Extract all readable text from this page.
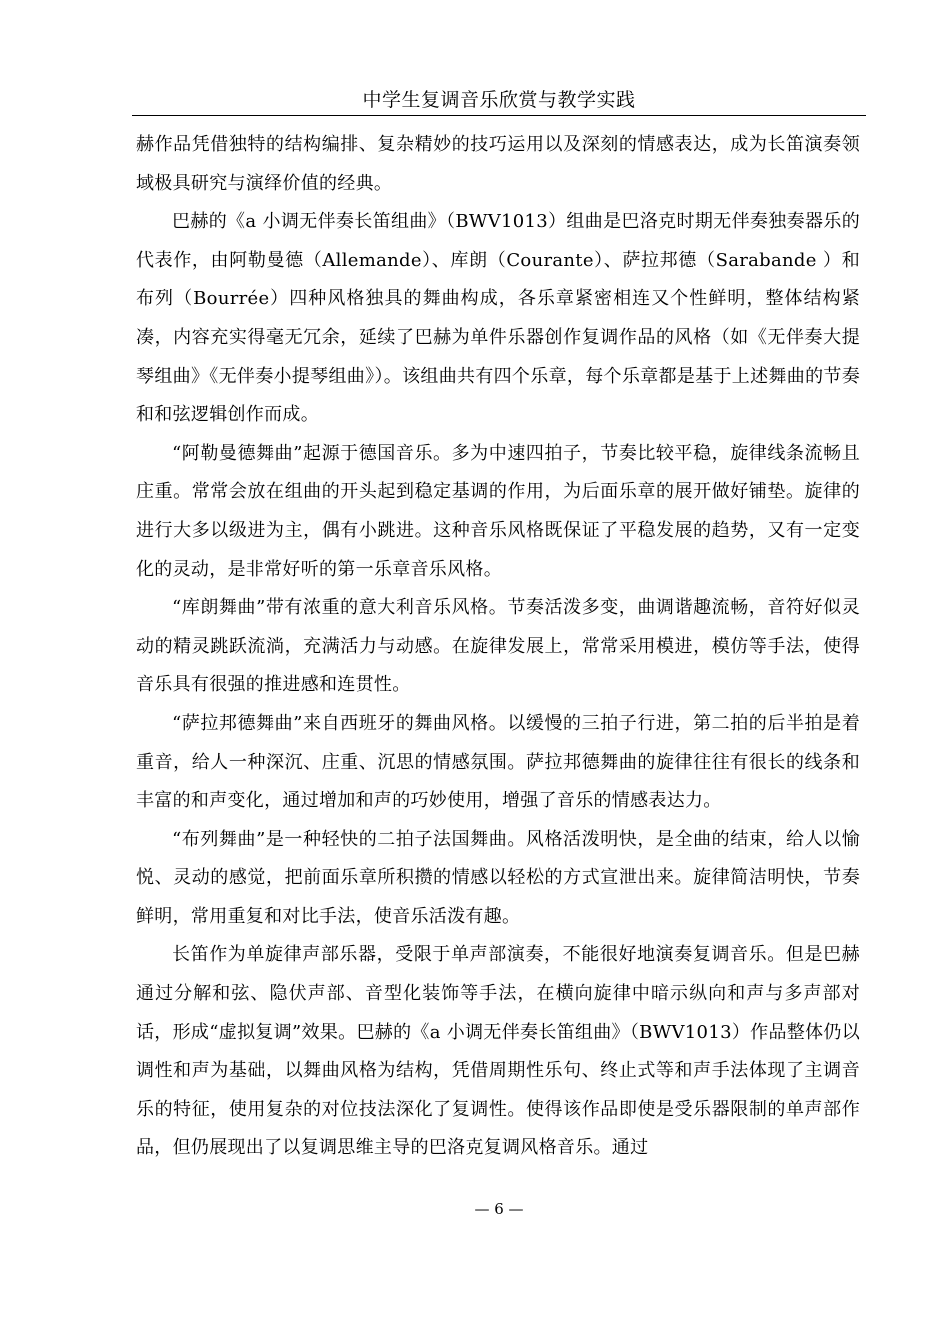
中学生复调音乐欣赏与教学实践

赫作品凭借独特的结构编排、复杂精妙的技巧运用以及深刻的情感表达，成为长笛演奏领域极具研究与演绎价值的经典。

巴赫的《a 小调无伴奏长笛组曲》（BWV1013）组曲是巴洛克时期无伴奏独奏器乐的代表作，由阿勒曼德（Allemande）、库朗（Courante）、萨拉邦德（Sarabande ）和布列（Bourrée）四种风格独具的舞曲构成，各乐章紧密相连又个性鲜明，整体结构紧凑，内容充实得毫无冗余，延续了巴赫为单件乐器创作复调作品的风格（如《无伴奏大提琴组曲》《无伴奏小提琴组曲》）。该组曲共有四个乐章，每个乐章都是基于上述舞曲的节奏和和弦逻辑创作而成。

“阿勒曼德舞曲”起源于德国音乐。多为中速四拍子，节奏比较平稳，旋律线条流畅且庄重。常常会放在组曲的开头起到稳定基调的作用，为后面乐章的展开做好铺垫。旋律的进行大多以级进为主，偶有小跳进。这种音乐风格既保证了平稳发展的趋势，又有一定变化的灵动，是非常好听的第一乐章音乐风格。

“库朗舞曲”带有浓重的意大利音乐风格。节奏活泼多变，曲调谐趣流畅，音符好似灵动的精灵跳跃流淌，充满活力与动感。在旋律发展上，常常采用模进，模仿等手法，使得音乐具有很强的推进感和连贯性。

“萨拉邦德舞曲”来自西班牙的舞曲风格。以缓慢的三拍子行进，第二拍的后半拍是着重音，给人一种深沉、庄重、沉思的情感氛围。萨拉邦德舞曲的旋律往往有很长的线条和丰富的和声变化，通过增加和声的巧妙使用，增强了音乐的情感表达力。

“布列舞曲”是一种轻快的二拍子法国舞曲。风格活泼明快，是全曲的结束，给人以愉悦、灵动的感觉，把前面乐章所积攒的情感以轻松的方式宣泄出来。旋律简洁明快，节奏鲜明，常用重复和对比手法，使音乐活泼有趣。

长笛作为单旋律声部乐器，受限于单声部演奏，不能很好地演奏复调音乐。但是巴赫通过分解和弦、隐伏声部、音型化装饰等手法，在横向旋律中暗示纵向和声与多声部对话，形成“虚拟复调”效果。巴赫的《a 小调无伴奏长笛组曲》（BWV1013）作品整体仍以调性和声为基础，以舞曲风格为结构，凭借周期性乐句、终止式等和声手法体现了主调音乐的特征，使用复杂的对位技法深化了复调性。使得该作品即使是受乐器限制的单声部作品，但仍展现出了以复调思维主导的巴洛克复调风格音乐。通过

— 6 —
